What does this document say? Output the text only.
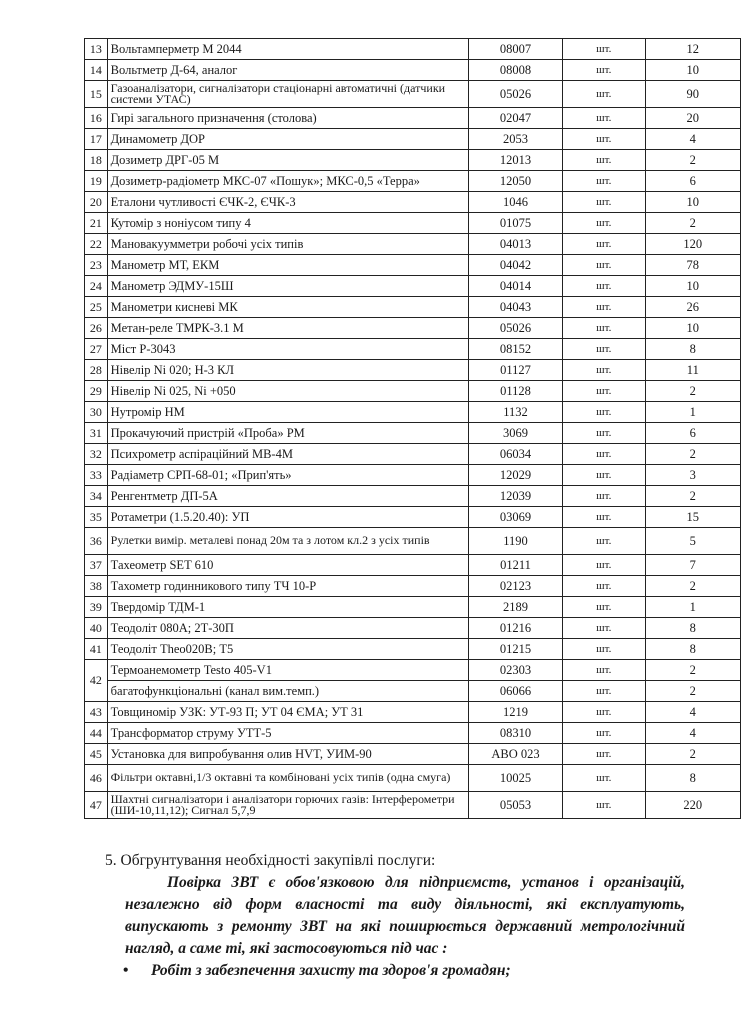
13	Вольтамперметр М 2044	08007	шт.	12
14	Вольтметр Д-64, аналог	08008	шт.	10
15	Газоаналізатори, сигналізатори стаціонарні автоматичні (датчики системи УТАС)	05026	шт.	90
16	Гирі загального призначення (столова)	02047	шт.	20
17	Динамометр ДОР	2053	шт.	4
18	Дозиметр ДРГ-05 М	12013	шт.	2
19	Дозиметр-радіометр МКС-07 «Пошук»; МКС-0,5 «Терра»	12050	шт.	6
20	Еталони чутливості ЄЧК-2, ЄЧК-3	1046	шт.	10
21	Кутомір з ноніусом типу 4	01075	шт.	2
22	Мановакуумметри робочі усіх типів	04013	шт.	120
23	Манометр МТ, ЕКМ	04042	шт.	78
24	Манометр ЭДМУ-15Ш	04014	шт.	10
25	Манометри кисневі МК	04043	шт.	26
26	Метан-реле ТМРК-3.1 М	05026	шт.	10
27	Міст Р-3043	08152	шт.	8
28	Нівелір Ni 020; Н-3 КЛ	01127	шт.	11
29	Нівелір Ni 025, Ni +050	01128	шт.	2
30	Нутромір НМ	1132	шт.	1
31	Прокачуючий пристрій «Проба» РМ	3069	шт.	6
32	Психрометр аспіраційний МВ-4М	06034	шт.	2
33	Радіаметр СРП-68-01; «Прип'ять»	12029	шт.	3
34	Ренгентметр ДП-5А	12039	шт.	2
35	Ротаметри (1.5.20.40): УП	03069	шт.	15
36	Рулетки вимір. металеві понад 20м та з лотом кл.2 з усіх типів	1190	шт.	5
37	Тахеометр SET 610	01211	шт.	7
38	Тахометр годинникового типу ТЧ 10-Р	02123	шт.	2
39	Твердомір ТДМ-1	2189	шт.	1
40	Теодоліт 080А; 2Т-30П	01216	шт.	8
41	Теодоліт Theo020B; Т5	01215	шт.	8
42	Термоанемометр Testo 405-V1	02303	шт.	2
	багатофункціональні (канал вим.темп.)	06066	шт.	2
43	Товщиномір УЗК: УТ-93 П; УТ 04 ЄМА; УТ 31	1219	шт.	4
44	Трансформатор струму УТТ-5	08310	шт.	4
45	Установка для випробування олив HVT, УИМ-90	АВО 023	шт.	2
46	Фільтри октавні,1/3 октавні та комбіновані усіх типів (одна смуга)	10025	шт.	8
47	Шахтні сигналізатори і аналізатори горючих газів: Інтерферометри (ШИ-10,11,12); Сигнал 5,7,9	05053	шт.	220
5. Обгрунтування необхідності закупівлі послуги:
Повірка ЗВТ є обов'язковою для підприємств, установ і організацій, незалежно від форм власності та виду діяльності, які експлуатують, випускають з ремонту ЗВТ на які поширюється державний метрологічний нагляд, а саме ті, які застосовуються під час :
• Робіт з забезпечення захисту та здоров'я громадян;
